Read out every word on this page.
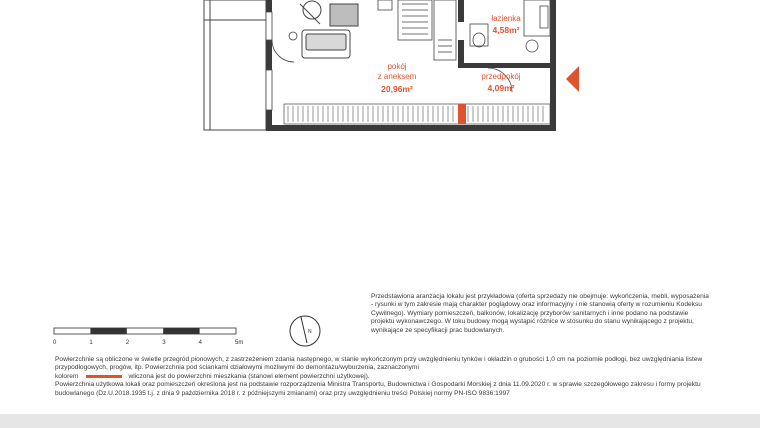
łazienka
4,58m²
pokój
z aneksem
20,96m²
przedpokój
4,09m²
Przedstawiona aranżacja lokalu jest przykładowa (oferta sprzedaży nie obejmuje: wykończenia, mebli, wyposażenia - rysunki w tym zakresie mają charakter poglądowy oraz informacyjny i nie stanowią oferty w rozumieniu Kodeksu Cywilnego). Wymiary pomieszczeń, balkonów, lokalizację przyborów sanitarnych i inne podano na podstawie projektu wykonawczego. W toku budowy mogą wystąpić różnice w stosunku do stanu wynikającego z projektu, wynikające ze specyfikacji prac budowlanych.
0	1	2	3	4	5m
N

Powierzchnie są obliczone w świetle przegród pionowych, z zastrzeżeniem zdania następnego, w stanie wykończonym przy uwzględnieniu tynków i okładzin o grubości 1,0 cm na poziomie podłogi, bez uwzględniania listew przypodłogowych, progów, itp. Powierzchnia pod ściankami działowymi możliwymi do demontażu/wyburzenia, zaznaczonymi

kolorem	wliczona jest do powierzchni mieszkania (stanowi element powierzchni użytkowej).

Powierzchnia użytkowa lokali oraz pomieszczeń określona jest na podstawie rozporządzenia Ministra Transportu, Budownictwa i Gospodarki Morskiej z dnia 11.09.2020 r. w sprawie szczegółowego zakresu i formy projektu budowlanego (Dz.U.2018.1935 t.j. z dnia 9 października 2018 r. z późniejszymi zmianami) oraz przy uwzględnieniu treści Polskiej normy PN-ISO 9836:1997
